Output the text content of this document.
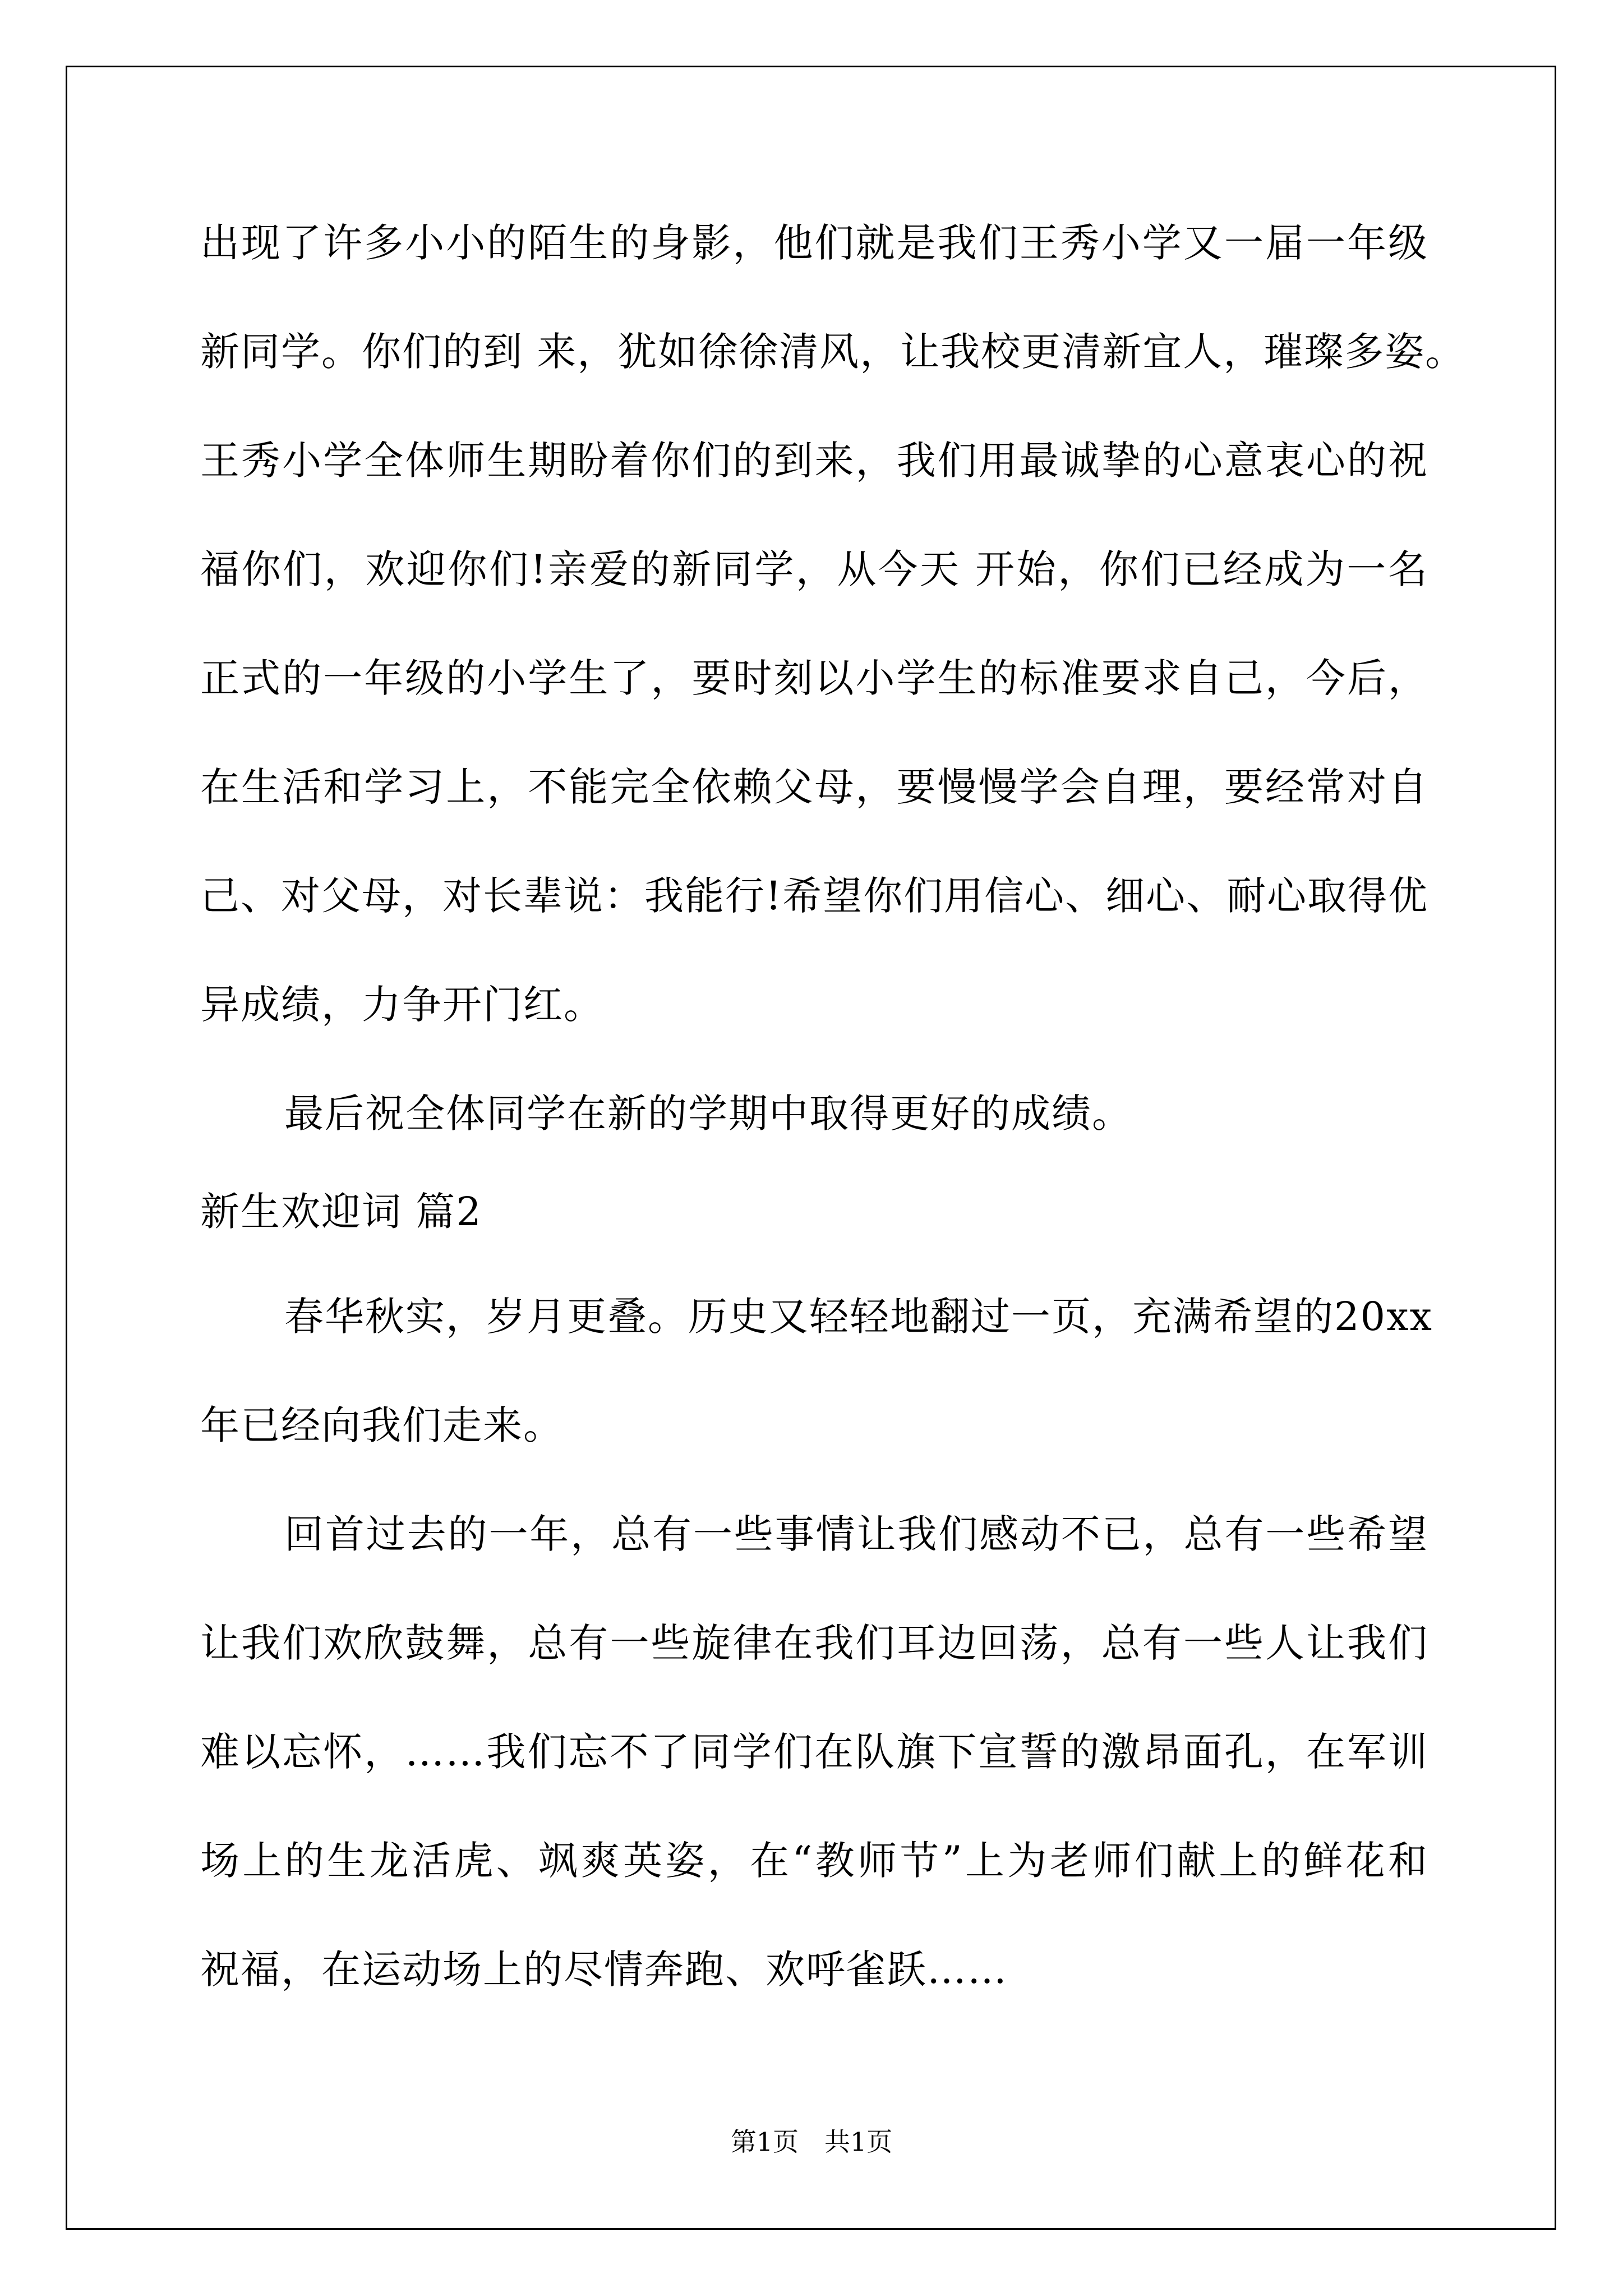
出现了许多小小的陌生的身影，他们就是我们王秀小学又一届一年级
新同学。你们的到 来，犹如徐徐清风，让我校更清新宜人，璀璨多姿。
王秀小学全体师生期盼着你们的到来，我们用最诚挚的心意衷心的祝
福你们，欢迎你们!亲爱的新同学，从今天 开始，你们已经成为一名
正式的一年级的小学生了，要时刻以小学生的标准要求自己，今后，
在生活和学习上，不能完全依赖父母，要慢慢学会自理，要经常对自
己、对父母，对长辈说：我能行!希望你们用信心、细心、耐心取得优
异成绩，力争开门红。
最后祝全体同学在新的学期中取得更好的成绩。
新生欢迎词 篇2
春华秋实，岁月更叠。历史又轻轻地翻过一页，充满希望的20xx
年已经向我们走来。
回首过去的一年，总有一些事情让我们感动不已，总有一些希望
让我们欢欣鼓舞，总有一些旋律在我们耳边回荡，总有一些人让我们
难以忘怀，……我们忘不了同学们在队旗下宣誓的激昂面孔，在军训
场上的生龙活虎、飒爽英姿，在“教师节”上为老师们献上的鲜花和
祝福，在运动场上的尽情奔跑、欢呼雀跃……
第1页　共1页
